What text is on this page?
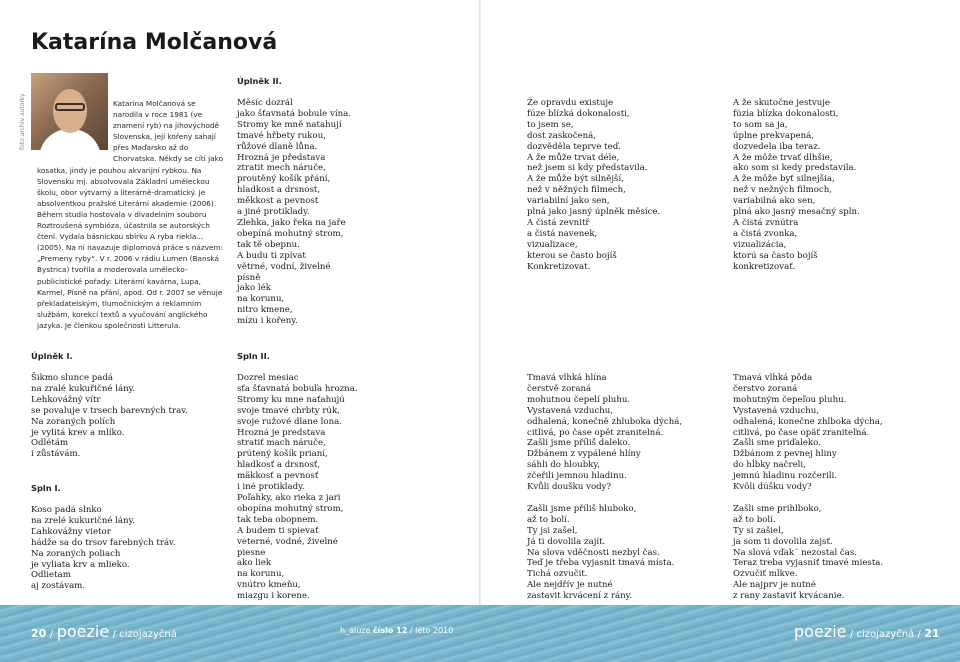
Katarína Molčanová
foto archiv autorky	Katarína Molčanová se narodila v roce 1981 (ve znamení ryb) na jihovýchodě Slovenska, její kořeny sahají přes Maďarsko až do Chorvatska. Někdy se cítí jako kosatka, jindy je pouhou akvarijní rybkou. Na Slovensku mj. absolvovala Základní uměleckou školu, obor výtvarný a literárně-dramatický. Je absolventkou pražské Literární akademie (2006). Během studia hostovala v divadelním souboru Roztroušená symbióza, účastnila se autorských čtení. Vydala básnickou sbírku A ryba riekla... (2005). Na ni navazuje diplomová práce s názvem: „Premeny ryby“. V r. 2006 v rádiu Lumen (Banská Bystrica) tvořila a moderovala umělecko-publicistické pořady: Literární kavárna, Lupa, Karmel, Písně na přání, apod. Od r. 2007 se věnuje překladatelským, tlumočnickým a reklamním službám, korekcí textů a vyučování anglického jazyka. Je členkou společnosti Litterula.

Úplněk II.
Měsíc dozrál
jako šťavnatá bobule vína.
Stromy ke mně natahují
tmavé hřbety rukou,
růžové dlaně lůna.
Hrozná je představa
ztratit mech náruče,
proutěný košík přání,
hladkost a drsnost,
měkkost a pevnost
a jiné protiklady.
Zlehka, jako řeka na jaře
obepíná mohutný strom,
tak tě obepnu.
A budu ti zpívat
větrné, vodní, živelné
písně
jako lék
na korunu,
nitro kmene,
mízu i kořeny.
Že opravdu existuje
fúze blízká dokonalosti,
to jsem se,
dost zaskočená,
dozvěděla teprve teď.
A že může trvat déle,
než jsem si kdy představila.
A že může být silnější,
než v něžných filmech,
variabilní jako sen,
plná jako jasný úplněk měsíce.
A čistá zevnitř
a čistá navenek,
vizualizace,
kterou se často bojíš
Konkretizovat.
A že skutočne jestvuje
fúzia blízka dokonalosti,
to som sa ja,
úplne prekvapená,
dozvedela iba teraz.
A že môže trvať dlhšie,
ako som si kedy predstavila.
A že môže byť silnejšia,
než v nežných filmoch,
variabilná ako sen,
plná ako jasný mesačný spln.
A čistá zvnútra
a čistá zvonka,
vizualizácia,
ktorú sa často bojíš
konkretizovať.
Úplněk I.
Šikmo slunce padá
na zralé kukuřičné lány.
Lehkovážný vítr
se povaluje v trsech barevných trav.
Na zoraných polích
je vylitá krev a mlíko.
Odlétám
i zůstávám.
Spln I.
Koso padá slnko
na zrelé kukuričné lány.
Ľahkovážny vietor
hádže sa do trsov farebných tráv.
Na zoraných poliach
je vyliata krv a mlieko.
Odlietam
aj zostávam.
Spln II.
Dozrel mesiac
sťa šťavnatá bobuľa hrozna.
Stromy ku mne naťahujú
svoje tmavé chrbty rúk,
svoje ružové dlane lona.
Hrozná je predstava
stratiť mach náruče,
prútený košík prianí,
hladkosť a drsnosť,
mäkkosť a pevnosť
i iné protiklady.
Poľahky, ako rieka z jari
obopína mohutný strom,
tak teba obopnem.
A budem ti spievať
veterné, vodné, živelné
piesne
ako liek
na korunu,
vnútro kmeňu,
miazgu i korene.
Tmavá vlhká hlína
čerstvě zoraná
mohutnou čepelí pluhu.
Vystavená vzduchu,
odhalená, konečně zhluboka dýchá,
citlivá, po čase opět zranitelná.
Zašli jsme příliš daleko.
Džbánem z vypálené hlíny
sáhli do hloubky,
zčeřili jemnou hladinu.
Kvůli doušku vody?

Zašli jsme příliš hluboko,
až to bolí.
Ty jsi zašel,
Já ti dovolila zajít.
Na slova vděčnosti nezbyl čas.
Teď je třeba vyjasnit tmavá místa.
Tichá ozvučit.
Ale nejdřív je nutné
zastavit krvácení z rány.
Tmavá vlhká pôda
čerstvo zoraná
mohutným čepeľou pluhu.
Vystavená vzduchu,
odhalená, konečne zhlboka dýcha,
citlivá, po čase opäť zraniteľná.
Zašli sme priďaleko.
Džbánom z pevnej hliny
do hĺbky načreli,
jemnú hladinu rozčerili.
Kvôli dúšku vody?

Zašli sme prihlboko,
až to bolí.
Ty si zašiel,
ja som ti dovolila zajsť.
Na slová vďak´ nezostal čas.
Teraz treba vyjasniť tmavé miesta.
Ozvučiť mlkve.
Ale najprv je nutné
z rany zastaviť krvácanie.
20 / poezie / cizojazyčná	h_aluze číslo 12 / léto 2010	poezie / cizojazyčná / 21
